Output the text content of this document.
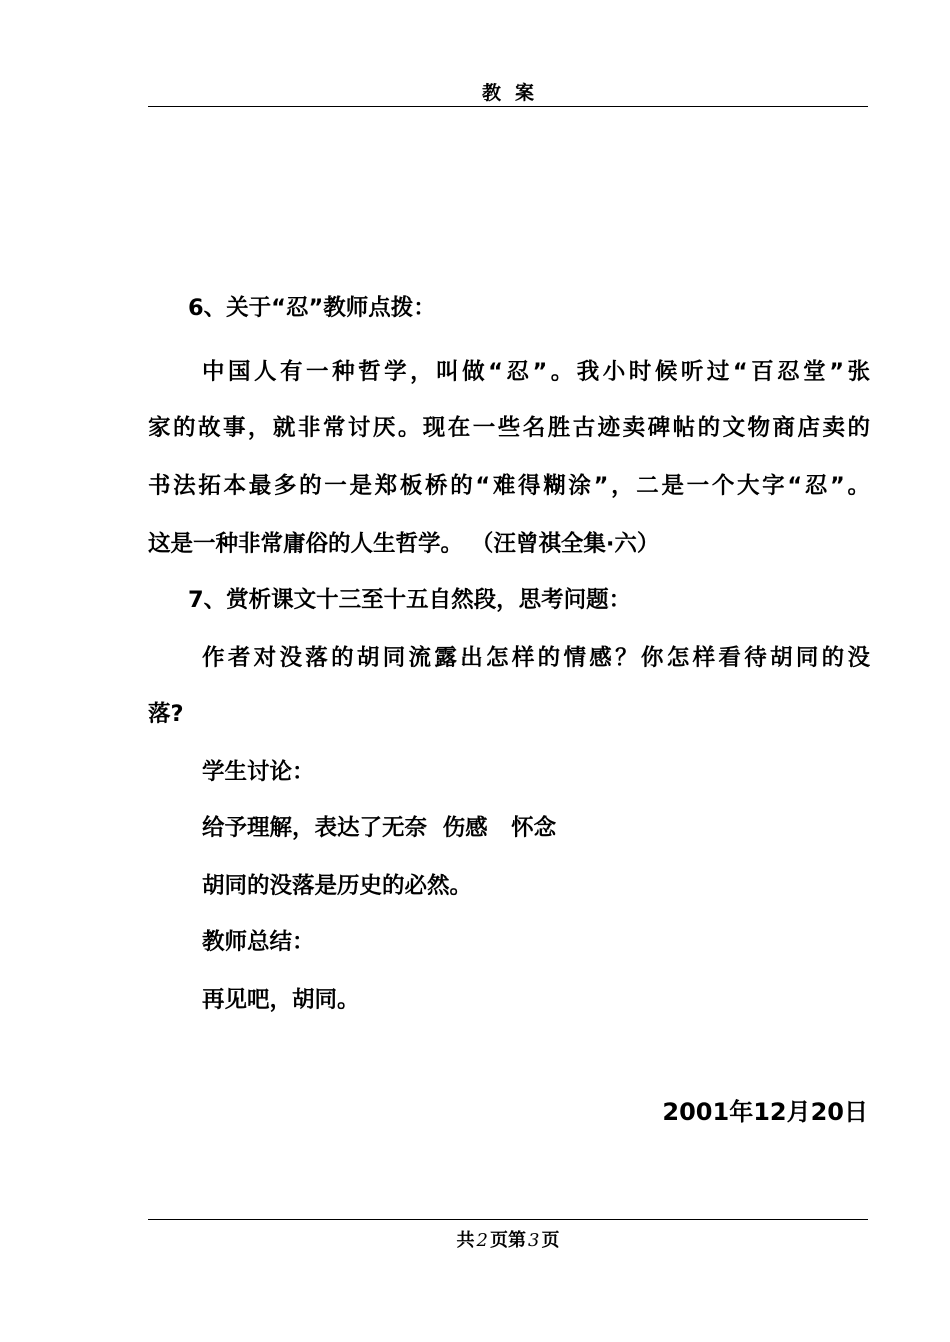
教案
6、关于“忍”教师点拨：
中国人有一种哲学，叫做“忍”。我小时候听过“百忍堂”张
家的故事，就非常讨厌。现在一些名胜古迹卖碑帖的文物商店卖的
书法拓本最多的一是郑板桥的“难得糊涂”，二是一个大字“忍”。
这是一种非常庸俗的人生哲学。 （汪曾祺全集·六）
7、赏析课文十三至十五自然段，思考问题：
作者对没落的胡同流露出怎样的情感？你怎样看待胡同的没
落?
学生讨论：
给予理解，表达了无奈  伤感   怀念
胡同的没落是历史的必然。
教师总结：
再见吧，胡同。
2001年12月20日
共 2 页第 3 页
